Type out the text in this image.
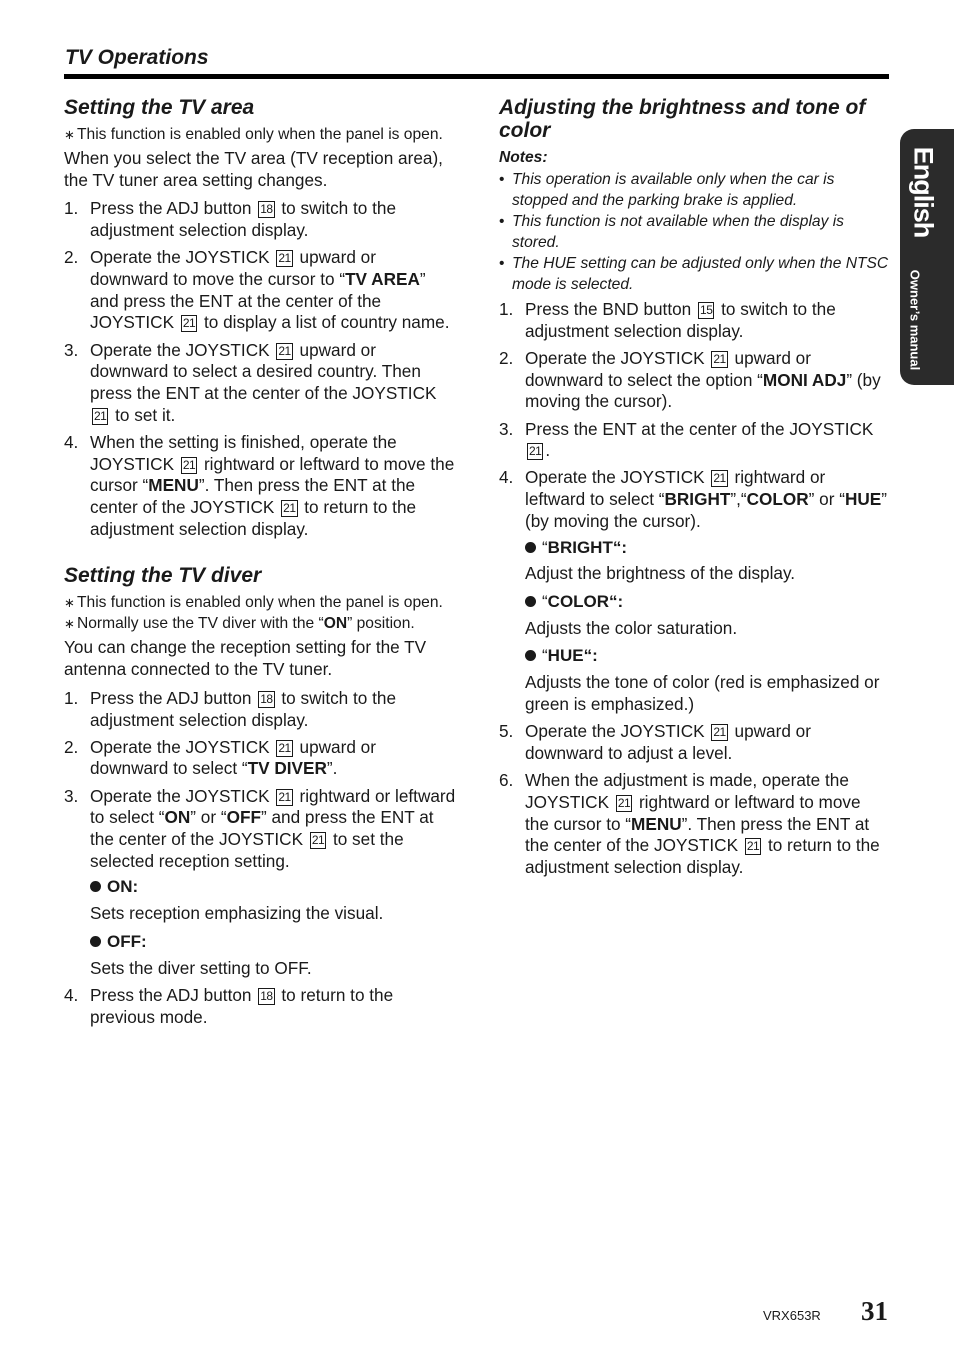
TV Operations
English
Owner’s manual
Setting the TV area
∗ This function is enabled only when the panel is open.

When you select the TV area (TV reception area), the TV tuner area setting changes.

1. Press the ADJ button 18 to switch to the adjustment selection display.
2. Operate the JOYSTICK 21 upward or downward to move the cursor to “TV AREA” and press the ENT at the center of the JOYSTICK 21 to display a list of country name.
3. Operate the JOYSTICK 21 upward or downward to select a desired country. Then press the ENT at the center of the JOYSTICK 21 to set it.
4. When the setting is finished, operate the JOYSTICK 21 rightward or leftward to move the cursor “MENU”. Then press the ENT at the center of the JOYSTICK 21 to return to the adjustment selection display.
Setting the TV diver
∗ This function is enabled only when the panel is open.
∗ Normally use the TV diver with the “ON” position.

You can change the reception setting for the TV antenna connected to the TV tuner.

1. Press the ADJ button 18 to switch to the adjustment selection display.
2. Operate the JOYSTICK 21 upward or downward to select “TV DIVER”.
3. Operate the JOYSTICK 21 rightward or leftward to select “ON” or “OFF” and press the ENT at the center of the JOYSTICK 21 to set the selected reception setting.
ON:
Sets reception emphasizing the visual.
OFF:
Sets the diver setting to OFF.
4. Press the ADJ button 18 to return to the previous mode.
Adjusting the brightness and tone of color
Notes:
• This operation is available only when the car is stopped and the parking brake is applied.
• This function is not available when the display is stored.
• The HUE setting can be adjusted only when the NTSC mode is selected.
1. Press the BND button 15 to switch to the adjustment selection display.
2. Operate the JOYSTICK 21 upward or downward to select the option “MONI ADJ” (by moving the cursor).
3. Press the ENT at the center of the JOYSTICK 21 .
4. Operate the JOYSTICK 21 rightward or leftward to select “BRIGHT”,“COLOR” or “HUE” (by moving the cursor).
“BRIGHT“:
Adjust the brightness of the display.
“COLOR“:
Adjusts the color saturation.
“HUE“:
Adjusts the tone of color (red is emphasized or green is emphasized.)
5. Operate the JOYSTICK 21 upward or downward to adjust a level.
6. When the adjustment is made, operate the JOYSTICK 21 rightward or leftward to move the cursor to “MENU”. Then press the ENT at the center of the JOYSTICK 21 to return to the adjustment selection display.
VRX653R 31
